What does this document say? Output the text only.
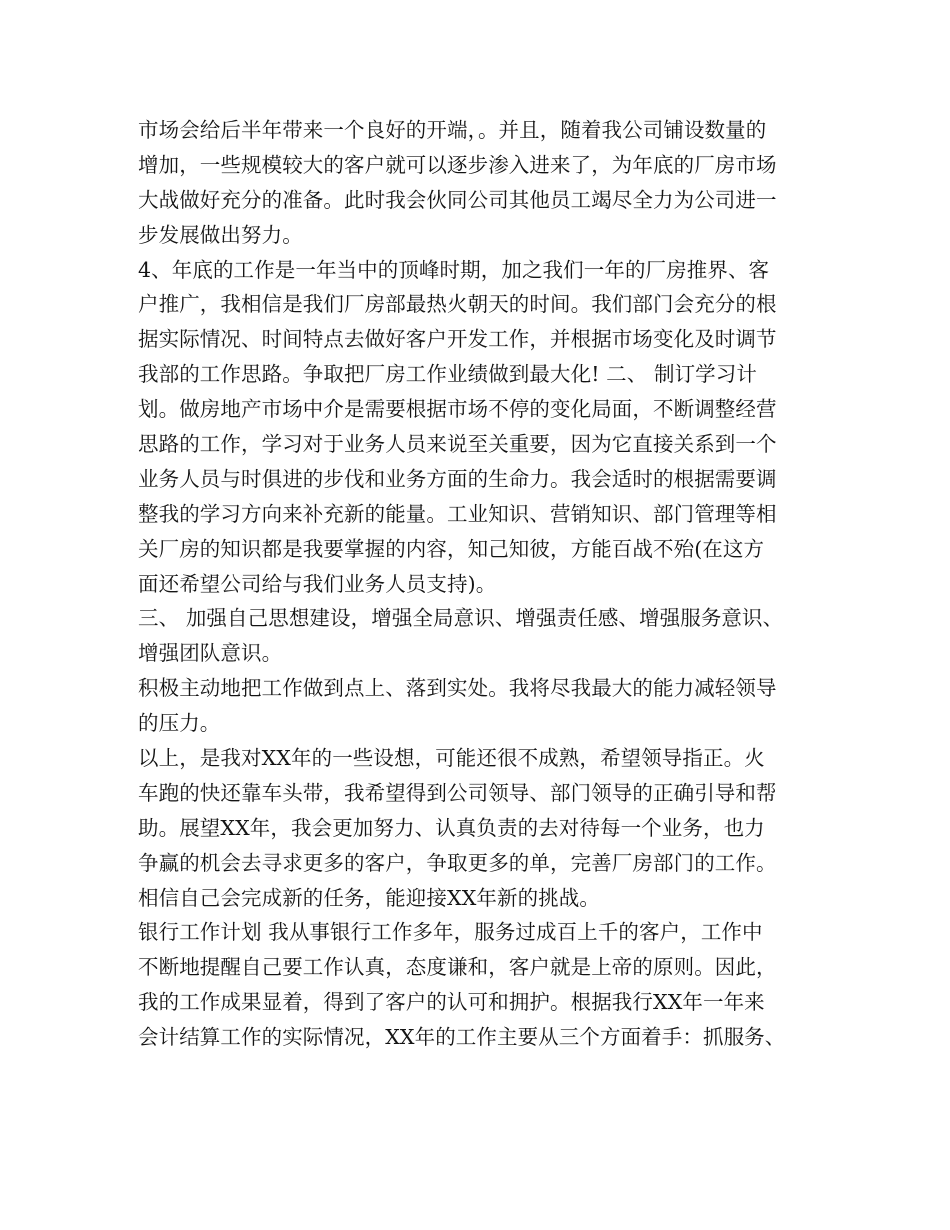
市场会给后半年带来一个良好的开端，。并且，随着我公司铺设数量的
增加，一些规模较大的客户就可以逐步渗入进来了，为年底的厂房市场
大战做好充分的准备。此时我会伙同公司其他员工竭尽全力为公司进一
步发展做出努力。
4、年底的工作是一年当中的顶峰时期，加之我们一年的厂房推界、客
户推广，我相信是我们厂房部最热火朝天的时间。我们部门会充分的根
据实际情况、时间特点去做好客户开发工作，并根据市场变化及时调节
我部的工作思路。争取把厂房工作业绩做到最大化! 二、 制订学习计
划。做房地产市场中介是需要根据市场不停的变化局面，不断调整经营
思路的工作，学习对于业务人员来说至关重要，因为它直接关系到一个
业务人员与时俱进的步伐和业务方面的生命力。我会适时的根据需要调
整我的学习方向来补充新的能量。工业知识、营销知识、部门管理等相
关厂房的知识都是我要掌握的内容，知己知彼，方能百战不殆(在这方
面还希望公司给与我们业务人员支持)。
三、 加强自己思想建设，增强全局意识、增强责任感、增强服务意识、
增强团队意识。
积极主动地把工作做到点上、落到实处。我将尽我最大的能力减轻领导
的压力。
以上，是我对XX年的一些设想，可能还很不成熟，希望领导指正。火
车跑的快还靠车头带，我希望得到公司领导、部门领导的正确引导和帮
助。展望XX年，我会更加努力、认真负责的去对待每一个业务，也力
争赢的机会去寻求更多的客户，争取更多的单，完善厂房部门的工作。
相信自己会完成新的任务，能迎接XX年新的挑战。
银行工作计划 我从事银行工作多年，服务过成百上千的客户，工作中
不断地提醒自己要工作认真，态度谦和，客户就是上帝的原则。因此，
我的工作成果显着，得到了客户的认可和拥护。根据我行XX年一年来
会计结算工作的实际情况，XX年的工作主要从三个方面着手：抓服务、
